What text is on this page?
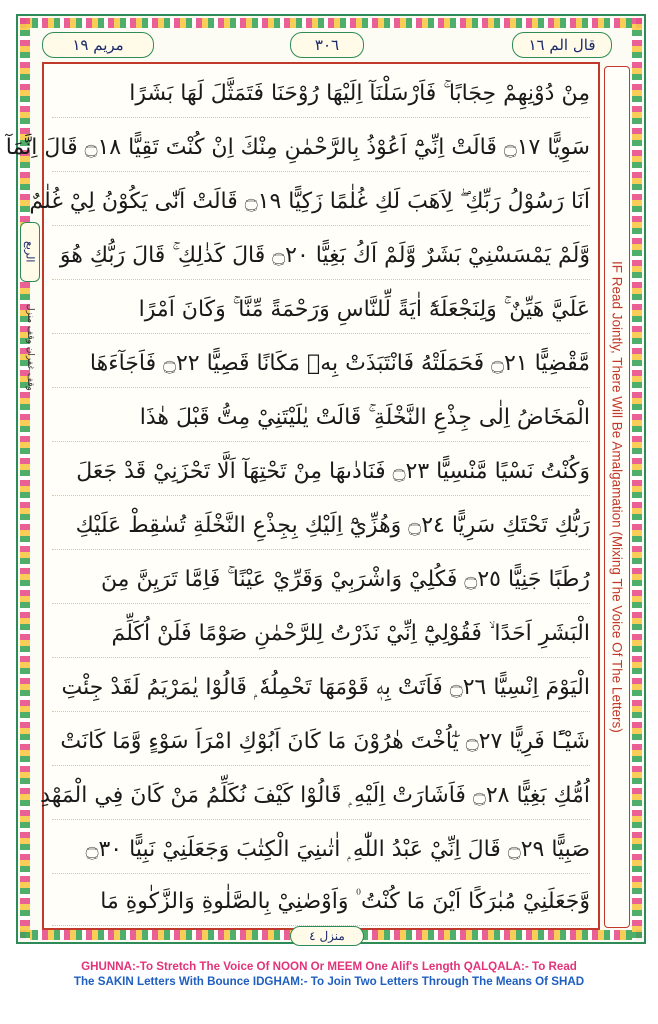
مريم ١٩	٣٠٦	قال الم ١٦
الربع
وقف غفران وقف منزل
مِنْ دُوْنِهِمْ حِجَابًا ۚ فَاَرْسَلْنَآ اِلَيْهَا رُوْحَنَا فَتَمَثَّلَ لَهَا بَشَرًا
سَوِيًّا ۝١٧ قَالَتْ اِنِّيْٓ اَعُوْذُ بِالرَّحْمٰنِ مِنْكَ اِنْ كُنْتَ تَقِيًّا ۝١٨ قَالَ اِنَّمَآ
اَنَا رَسُوْلُ رَبِّكِ ۖ لِاَهَبَ لَكِ غُلٰمًا زَكِيًّا ۝١٩ قَالَتْ اَنّٰى يَكُوْنُ لِيْ غُلٰمٌ
وَّلَمْ يَمْسَسْنِيْ بَشَرٌ وَّلَمْ اَكُ بَغِيًّا ۝٢٠ قَالَ كَذٰلِكِ ۚ قَالَ رَبُّكِ هُوَ
عَلَيَّ هَيِّنٌ ۚ وَلِنَجْعَلَهٗٓ اٰيَةً لِّلنَّاسِ وَرَحْمَةً مِّنَّا ۚ وَكَانَ اَمْرًا
مَّقْضِيًّا ۝٢١ فَحَمَلَتْهُ فَانْتَبَذَتْ بِهٖ مَكَانًا قَصِيًّا ۝٢٢ فَاَجَآءَهَا
الْمَخَاضُ اِلٰى جِذْعِ النَّخْلَةِ ۚ قَالَتْ يٰلَيْتَنِيْ مِتُّ قَبْلَ هٰذَا
وَكُنْتُ نَسْيًا مَّنْسِيًّا ۝٢٣ فَنَادٰىهَا مِنْ تَحْتِهَآ اَلَّا تَحْزَنِيْ قَدْ جَعَلَ
رَبُّكِ تَحْتَكِ سَرِيًّا ۝٢٤ وَهُزِّيْٓ اِلَيْكِ بِجِذْعِ النَّخْلَةِ تُسٰقِطْ عَلَيْكِ
رُطَبًا جَنِيًّا ۝٢٥ فَكُلِيْ وَاشْرَبِيْ وَقَرِّيْ عَيْنًا ۚ فَاِمَّا تَرَيِنَّ مِنَ
الْبَشَرِ اَحَدًا ۙ فَقُوْلِيْٓ اِنِّيْ نَذَرْتُ لِلرَّحْمٰنِ صَوْمًا فَلَنْ اُكَلِّمَ
الْيَوْمَ اِنْسِيًّا ۝٢٦ فَاَتَتْ بِهٖ قَوْمَهَا تَحْمِلُهٗ ۭ قَالُوْا يٰمَرْيَمُ لَقَدْ جِئْتِ
شَيْـًٔا فَرِيًّا ۝٢٧ يٰٓاُخْتَ هٰرُوْنَ مَا كَانَ اَبُوْكِ امْرَاَ سَوْءٍ وَّمَا كَانَتْ
اُمُّكِ بَغِيًّا ۝٢٨ فَاَشَارَتْ اِلَيْهِ ۭ قَالُوْا كَيْفَ نُكَلِّمُ مَنْ كَانَ فِي الْمَهْدِ
صَبِيًّا ۝٢٩ قَالَ اِنِّيْ عَبْدُ اللّٰهِ ۭ اٰتٰىنِيَ الْكِتٰبَ وَجَعَلَنِيْ نَبِيًّا ۝٣٠
وَّجَعَلَنِيْ مُبٰرَكًا اَيْنَ مَا كُنْتُ ۠ وَاَوْصٰنِيْ بِالصَّلٰوةِ وَالزَّكٰوةِ مَا
IF Read Jointly, There Will Be Amalgamation (Mixing The Voice Of The Letters)
منزل ٤
GHUNNA:-To Stretch The Voice Of NOON Or MEEM One Alif's Length QALQALA:- To Read
The SAKIN Letters With Bounce IDGHAM:- To Join Two Letters Through The Means Of SHAD
